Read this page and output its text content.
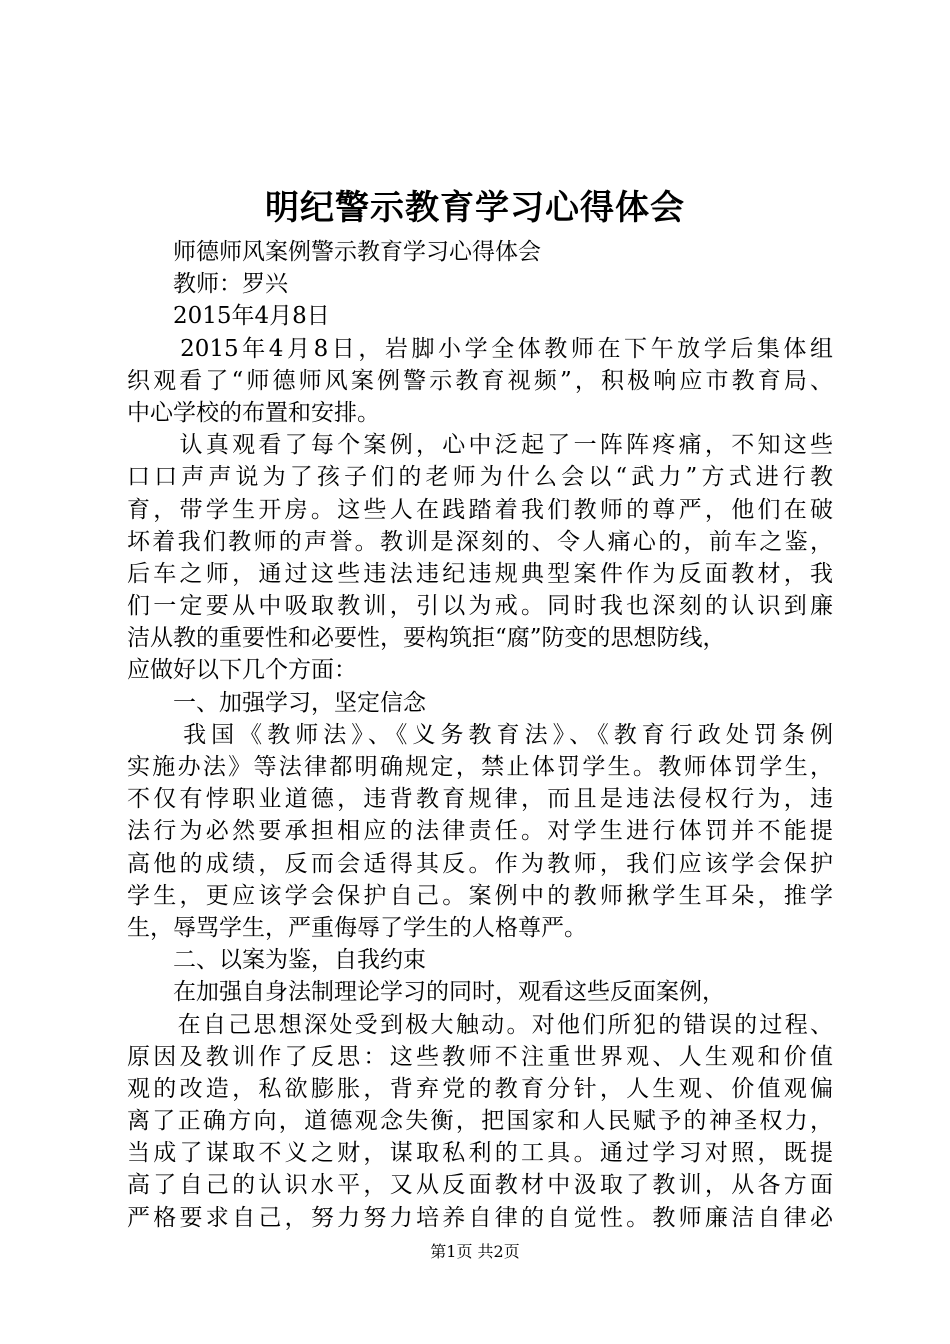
明纪警示教育学习心得体会
　　师德师风案例警示教育学习心得体会
　　教师：罗兴
　　2015年4月8日
　　2015年4月8日，岩脚小学全体教师在下午放学后集体组
织观看了“师德师风案例警示教育视频”，积极响应市教育局、
中心学校的布置和安排。
　　认真观看了每个案例，心中泛起了一阵阵疼痛，不知这些
口口声声说为了孩子们的老师为什么会以“武力”方式进行教
育，带学生开房。这些人在践踏着我们教师的尊严，他们在破
坏着我们教师的声誉。教训是深刻的、令人痛心的，前车之鉴，
后车之师，通过这些违法违纪违规典型案件作为反面教材，我
们一定要从中吸取教训，引以为戒。同时我也深刻的认识到廉
洁从教的重要性和必要性，要构筑拒“腐”防变的思想防线，
应做好以下几个方面：
　　一、加强学习，坚定信念
　　我国《教师法》、《义务教育法》、《教育行政处罚条例
实施办法》等法律都明确规定，禁止体罚学生。教师体罚学生，
不仅有悖职业道德，违背教育规律，而且是违法侵权行为，违
法行为必然要承担相应的法律责任。对学生进行体罚并不能提
高他的成绩，反而会适得其反。作为教师，我们应该学会保护
学生，更应该学会保护自己。案例中的教师揪学生耳朵，推学
生，辱骂学生，严重侮辱了学生的人格尊严。
　　二、以案为鉴，自我约束
　　在加强自身法制理论学习的同时，观看这些反面案例，
　　在自己思想深处受到极大触动。对他们所犯的错误的过程、
原因及教训作了反思：这些教师不注重世界观、人生观和价值
观的改造，私欲膨胀，背弃党的教育分针，人生观、价值观偏
离了正确方向，道德观念失衡，把国家和人民赋予的神圣权力，
当成了谋取不义之财，谋取私利的工具。通过学习对照，既提
高了自己的认识水平，又从反面教材中汲取了教训，从各方面
严格要求自己，努力努力培养自律的自觉性。教师廉洁自律必
第1页 共2页
